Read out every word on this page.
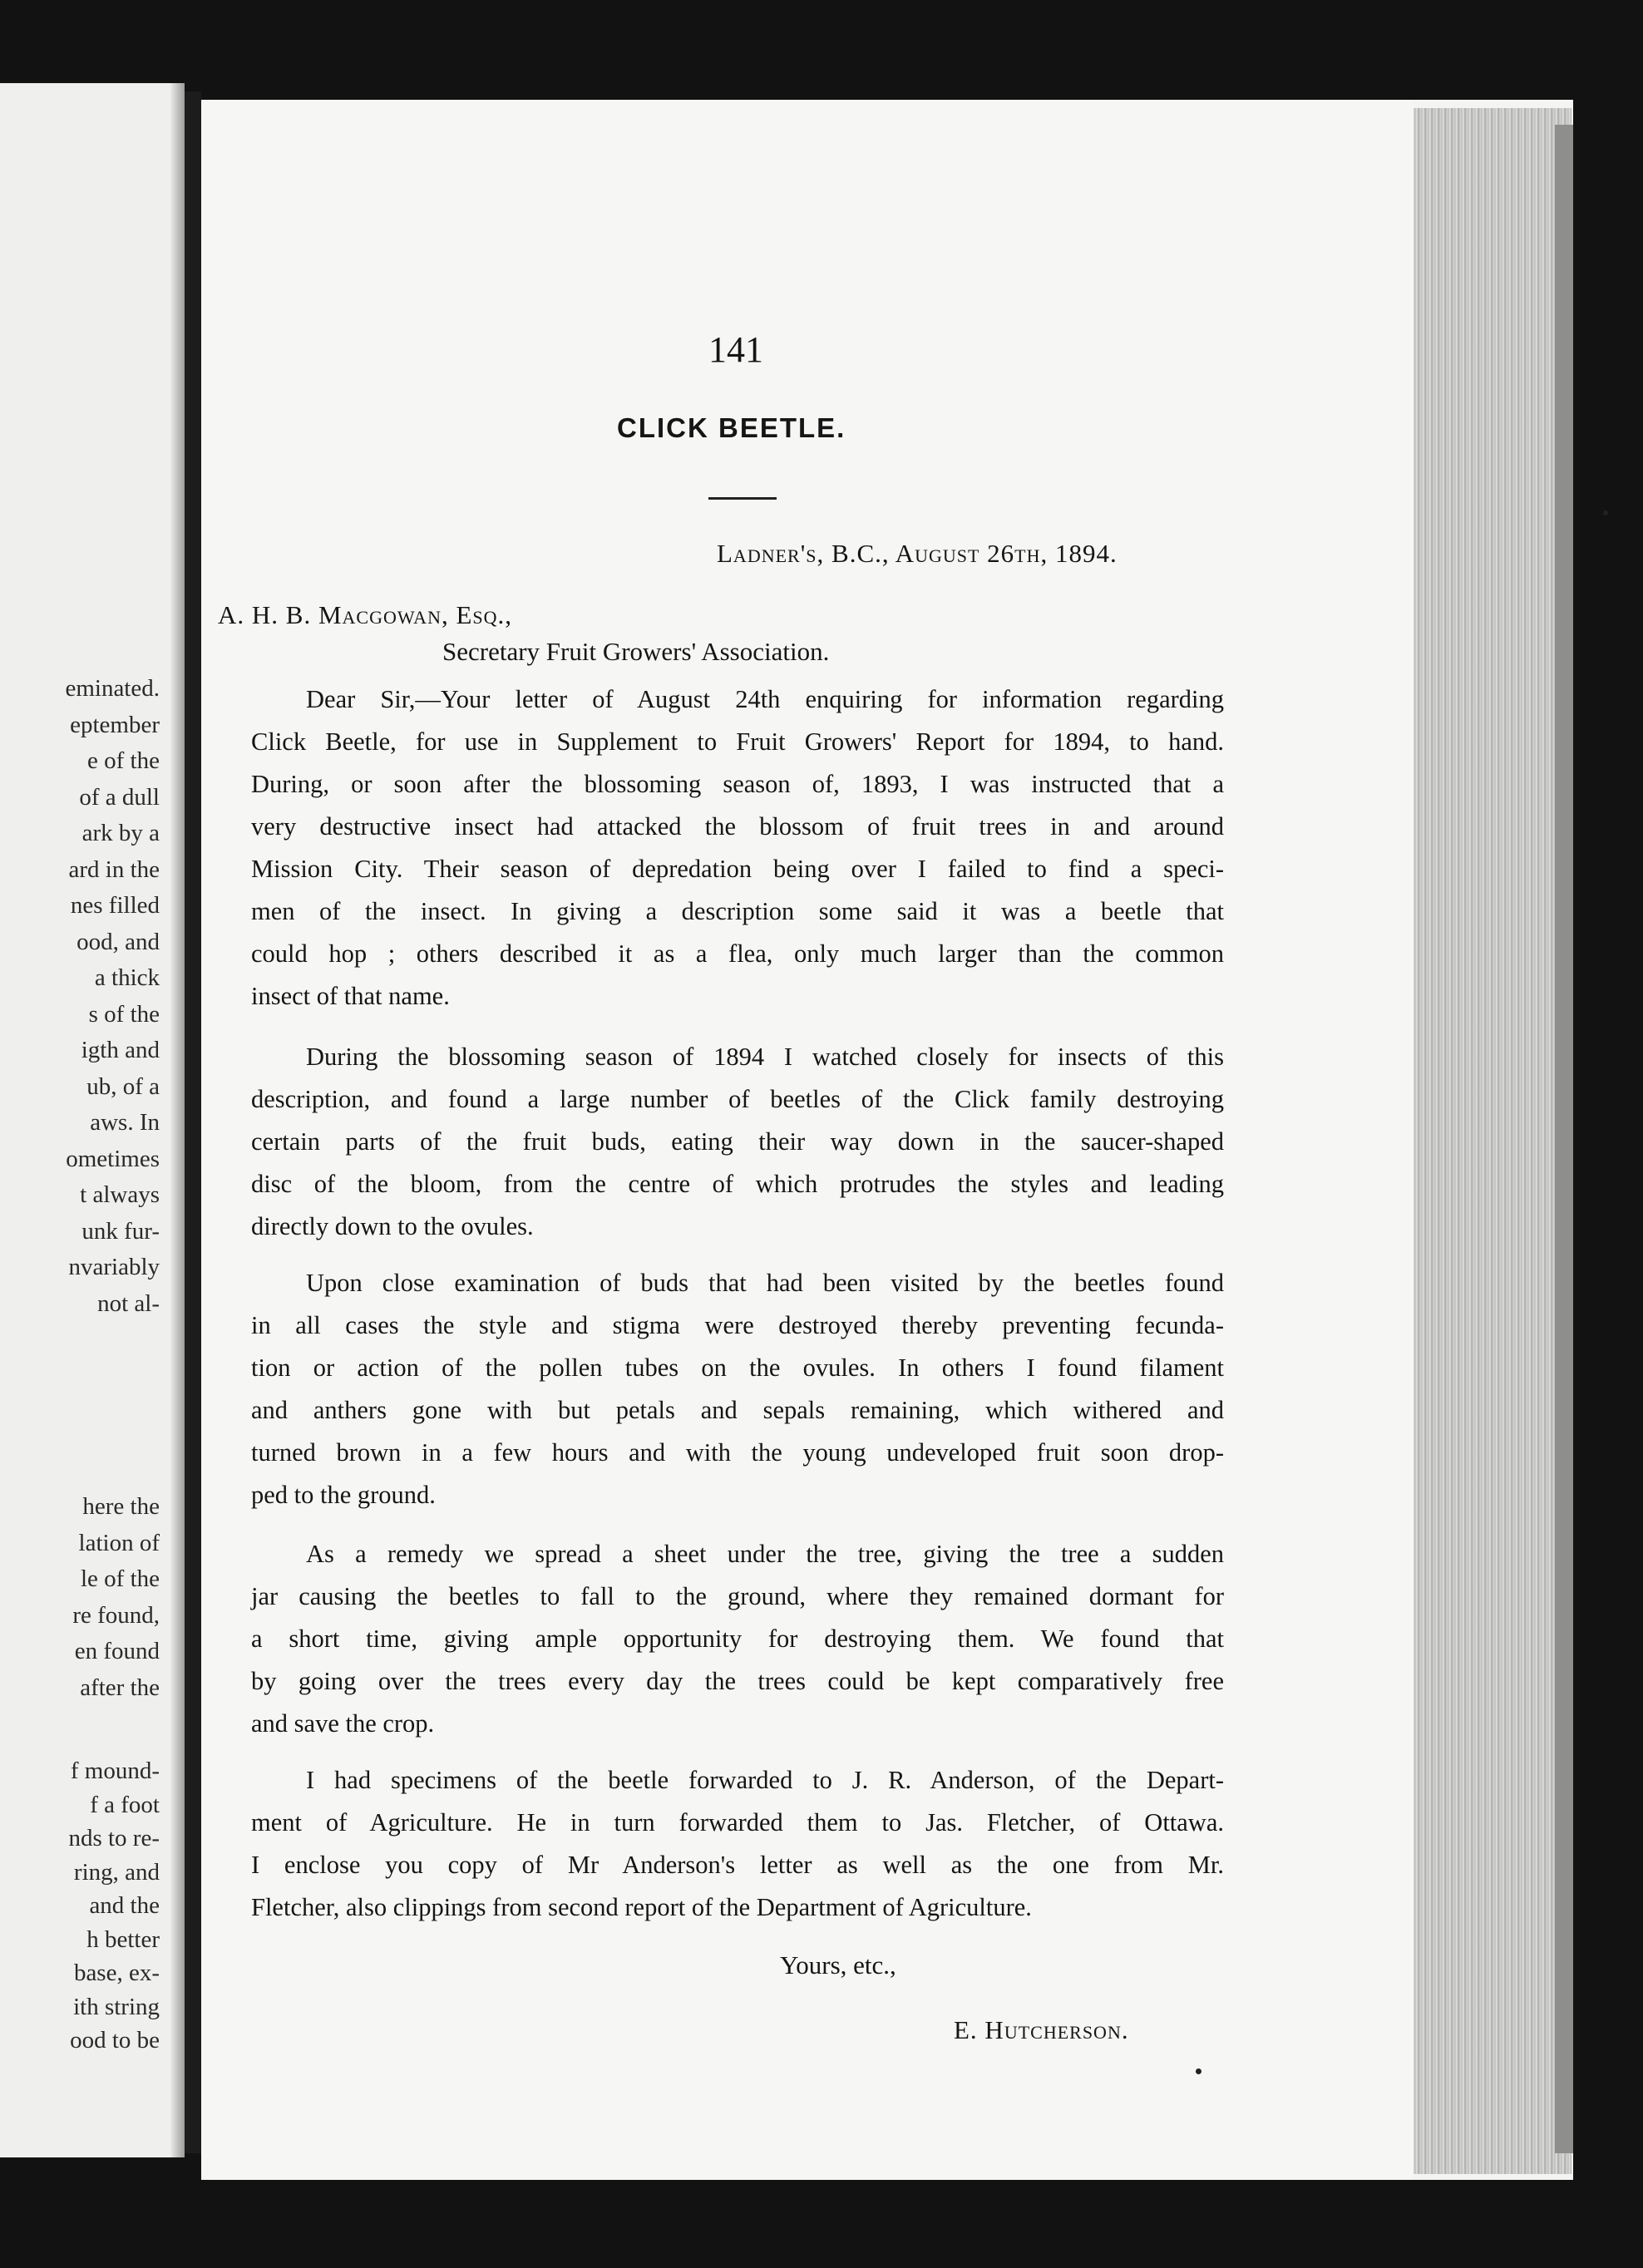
eminated.
eptember
e of the
of a dull
ark by a
ard in the
nes filled
ood, and
a thick
s of the
igth and
ub, of a
aws. In
ometimes
t always
unk fur-
nvariably
not al-
here the
lation of
le of the
re found,
en found
after the
f mound-
f a foot
nds to re-
ring, and
and the
h better
base, ex-
ith string
ood to be
141
CLICK BEETLE.
Ladner's, B.C., August 26th, 1894.
A. H. B. Macgowan, Esq.,
Secretary Fruit Growers' Association.
Dear Sir,—Your letter of August 24th enquiring for information regarding
Click Beetle, for use in Supplement to Fruit Growers' Report for 1894, to hand.
During, or soon after the blossoming season of, 1893, I was instructed that a
very destructive insect had attacked the blossom of fruit trees in and around
Mission City. Their season of depredation being over I failed to find a speci-
men of the insect. In giving a description some said it was a beetle that
could hop ; others described it as a flea, only much larger than the common
insect of that name.
During the blossoming season of 1894 I watched closely for insects of this
description, and found a large number of beetles of the Click family destroying
certain parts of the fruit buds, eating their way down in the saucer-shaped
disc of the bloom, from the centre of which protrudes the styles and leading
directly down to the ovules.
Upon close examination of buds that had been visited by the beetles found
in all cases the style and stigma were destroyed thereby preventing fecunda-
tion or action of the pollen tubes on the ovules. In others I found filament
and anthers gone with but petals and sepals remaining, which withered and
turned brown in a few hours and with the young undeveloped fruit soon drop-
ped to the ground.
As a remedy we spread a sheet under the tree, giving the tree a sudden
jar causing the beetles to fall to the ground, where they remained dormant for
a short time, giving ample opportunity for destroying them. We found that
by going over the trees every day the trees could be kept comparatively free
and save the crop.
I had specimens of the beetle forwarded to J. R. Anderson, of the Depart-
ment of Agriculture. He in turn forwarded them to Jas. Fletcher, of Ottawa.
I enclose you copy of Mr Anderson's letter as well as the one from Mr.
Fletcher, also clippings from second report of the Department of Agriculture.
Yours, etc.,
E. Hutcherson.
